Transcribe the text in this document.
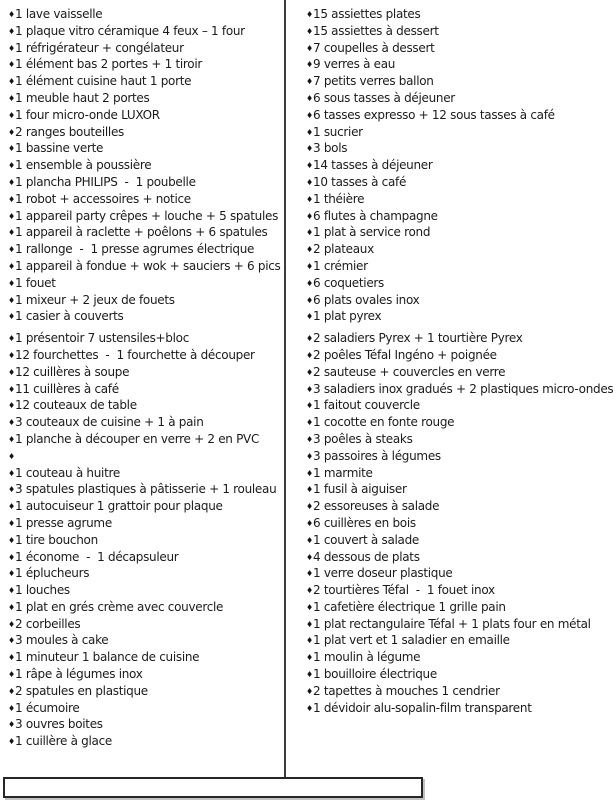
♦1 lave vaisselle
♦1 plaque vitro céramique 4 feux – 1 four
♦1 réfrigérateur + congélateur
♦1 élément bas 2 portes + 1 tiroir
♦1 élément cuisine haut 1 porte
♦1 meuble haut 2 portes
♦1 four micro-onde LUXOR
♦2 ranges bouteilles
♦1 bassine verte
♦1 ensemble à poussière
♦1 plancha PHILIPS  -  1 poubelle
♦1 robot + accessoires + notice
♦1 appareil party crêpes + louche + 5 spatules
♦1 appareil à raclette + poêlons + 6 spatules
♦1 rallonge  -  1 presse agrumes électrique
♦1 appareil à fondue + wok + sauciers + 6 pics
♦1 fouet
♦1 mixeur + 2 jeux de fouets
♦1 casier à couverts
♦1 présentoir 7 ustensiles+bloc
♦12 fourchettes  -  1 fourchette à découper
♦12 cuillères à soupe
♦11 cuillères à café
♦12 couteaux de table
♦3 couteaux de cuisine + 1 à pain
♦1 planche à découper en verre + 2 en PVC
♦
♦1 couteau à huitre
♦3 spatules plastiques à pâtisserie + 1 rouleau
♦1 autocuiseur 1 grattoir pour plaque
♦1 presse agrume
♦1 tire bouchon
♦1 économe  -  1 décapsuleur
♦1 éplucheurs
♦1 louches
♦1 plat en grés crème avec couvercle
♦2 corbeilles
♦3 moules à cake
♦1 minuteur 1 balance de cuisine
♦1 râpe à légumes inox
♦2 spatules en plastique
♦1 écumoire
♦3 ouvres boites
♦1 cuillère à glace
♦15 assiettes plates
♦15 assiettes à dessert
♦7 coupelles à dessert
♦9 verres à eau
♦7 petits verres ballon
♦6 sous tasses à déjeuner
♦6 tasses expresso + 12 sous tasses à café
♦1 sucrier
♦3 bols
♦14 tasses à déjeuner
♦10 tasses à café
♦1 théière
♦6 flutes à champagne
♦1 plat à service rond
♦2 plateaux
♦1 crémier
♦6 coquetiers
♦6 plats ovales inox
♦1 plat pyrex
♦2 saladiers Pyrex + 1 tourtière Pyrex
♦2 poêles Téfal Ingéno + poignée
♦2 sauteuse + couvercles en verre
♦3 saladiers inox gradués + 2 plastiques micro-ondes
♦1 faitout couvercle
♦1 cocotte en fonte rouge
♦3 poêles à steaks
♦3 passoires à légumes
♦1 marmite
♦1 fusil à aiguiser
♦2 essoreuses à salade
♦6 cuillères en bois
♦1 couvert à salade
♦4 dessous de plats
♦1 verre doseur plastique
♦2 tourtières Téfal  -  1 fouet inox
♦1 cafetière électrique 1 grille pain
♦1 plat rectangulaire Téfal + 1 plats four en métal
♦1 plat vert et 1 saladier en emaille
♦1 moulin à légume
♦1 bouilloire électrique
♦2 tapettes à mouches 1 cendrier
♦1 dévidoir alu-sopalin-film transparent
